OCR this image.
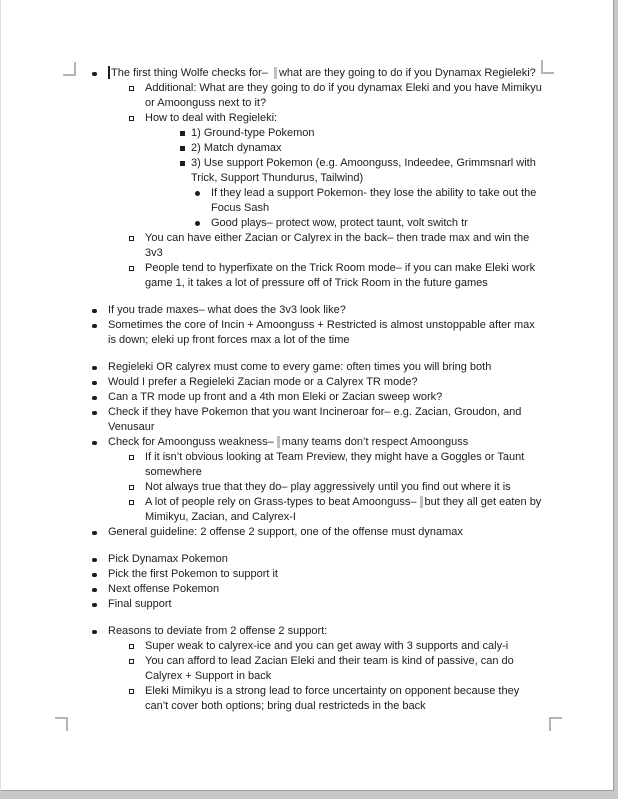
The first thing Wolfe checks for– what are they going to do if you Dynamax Regieleki?
Additional: What are they going to do if you dynamax Eleki and you have Mimikyu or Amoonguss next to it?
How to deal with Regieleki:
1) Ground-type Pokemon
2) Match dynamax
3) Use support Pokemon (e.g. Amoonguss, Indeedee, Grimmsnarl with Trick, Support Thundurus, Tailwind)
If they lead a support Pokemon- they lose the ability to take out the Focus Sash
Good plays– protect wow, protect taunt, volt switch tr
You can have either Zacian or Calyrex in the back– then trade max and win the 3v3
People tend to hyperfixate on the Trick Room mode– if you can make Eleki work game 1, it takes a lot of pressure off of Trick Room in the future games
If you trade maxes– what does the 3v3 look like?
Sometimes the core of Incin + Amoonguss + Restricted is almost unstoppable after max is down; eleki up front forces max a lot of the time
Regieleki OR calyrex must come to every game: often times you will bring both
Would I prefer a Regieleki Zacian mode or a Calyrex TR mode?
Can a TR mode up front and a 4th mon Eleki or Zacian sweep work?
Check if they have Pokemon that you want Incineroar for– e.g. Zacian, Groudon, and Venusaur
Check for Amoonguss weakness– many teams don’t respect Amoonguss
If it isn’t obvious looking at Team Preview, they might have a Goggles or Taunt somewhere
Not always true that they do– play aggressively until you find out where it is
A lot of people rely on Grass-types to beat Amoonguss– but they all get eaten by Mimikyu, Zacian, and Calyrex-I
General guideline: 2 offense 2 support, one of the offense must dynamax
Pick Dynamax Pokemon
Pick the first Pokemon to support it
Next offense Pokemon
Final support
Reasons to deviate from 2 offense 2 support:
Super weak to calyrex-ice and you can get away with 3 supports and caly-i
You can afford to lead Zacian Eleki and their team is kind of passive, can do Calyrex + Support in back
Eleki Mimikyu is a strong lead to force uncertainty on opponent because they can’t cover both options; bring dual restricteds in the back
